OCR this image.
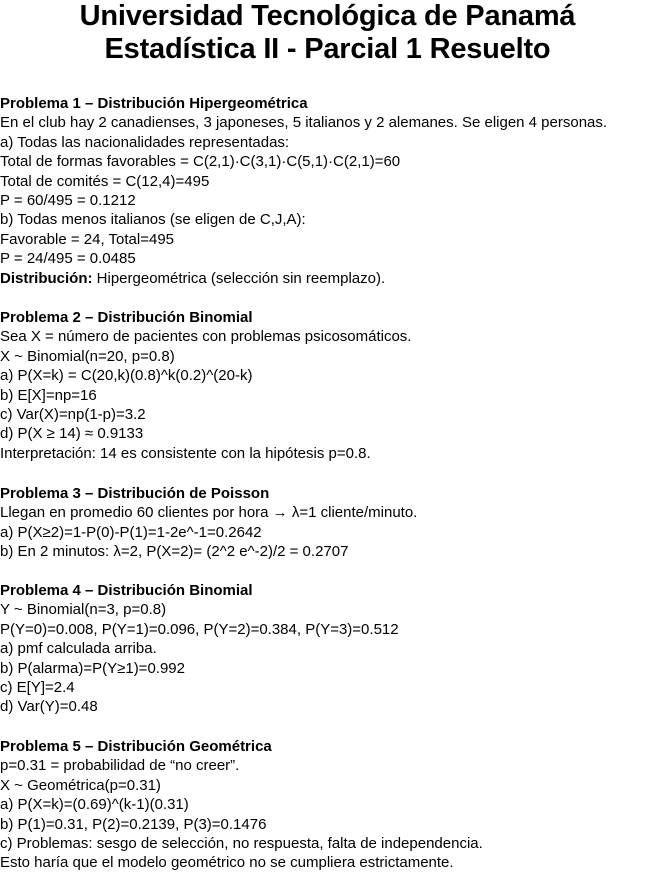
Universidad Tecnológica de Panamá
Estadística II - Parcial 1 Resuelto

Problema 1 – Distribución Hipergeométrica

En el club hay 2 canadienses, 3 japoneses, 5 italianos y 2 alemanes. Se eligen 4 personas.

a) Todas las nacionalidades representadas:

Total de formas favorables = C(2,1)·C(3,1)·C(5,1)·C(2,1)=60

Total de comités = C(12,4)=495

P = 60/495 = 0.1212

b) Todas menos italianos (se eligen de C,J,A):

Favorable = 24, Total=495

P = 24/495 = 0.0485

Distribución: Hipergeométrica (selección sin reemplazo).

Problema 2 – Distribución Binomial

Sea X = número de pacientes con problemas psicosomáticos.

X ~ Binomial(n=20, p=0.8)

a) P(X=k) = C(20,k)(0.8)^k(0.2)^(20-k)

b) E[X]=np=16

c) Var(X)=np(1-p)=3.2

d) P(X ≥ 14) ≈ 0.9133

Interpretación: 14 es consistente con la hipótesis p=0.8.

Problema 3 – Distribución de Poisson

Llegan en promedio 60 clientes por hora → λ=1 cliente/minuto.

a) P(X≥2)=1-P(0)-P(1)=1-2e^-1=0.2642

b) En 2 minutos: λ=2, P(X=2)= (2^2 e^-2)/2 = 0.2707

Problema 4 – Distribución Binomial

Y ~ Binomial(n=3, p=0.8)

P(Y=0)=0.008, P(Y=1)=0.096, P(Y=2)=0.384, P(Y=3)=0.512

a) pmf calculada arriba.

b) P(alarma)=P(Y≥1)=0.992

c) E[Y]=2.4

d) Var(Y)=0.48

Problema 5 – Distribución Geométrica

p=0.31 = probabilidad de “no creer”.

X ~ Geométrica(p=0.31)

a) P(X=k)=(0.69)^(k-1)(0.31)

b) P(1)=0.31, P(2)=0.2139, P(3)=0.1476

c) Problemas: sesgo de selección, no respuesta, falta de independencia.

Esto haría que el modelo geométrico no se cumpliera estrictamente.
